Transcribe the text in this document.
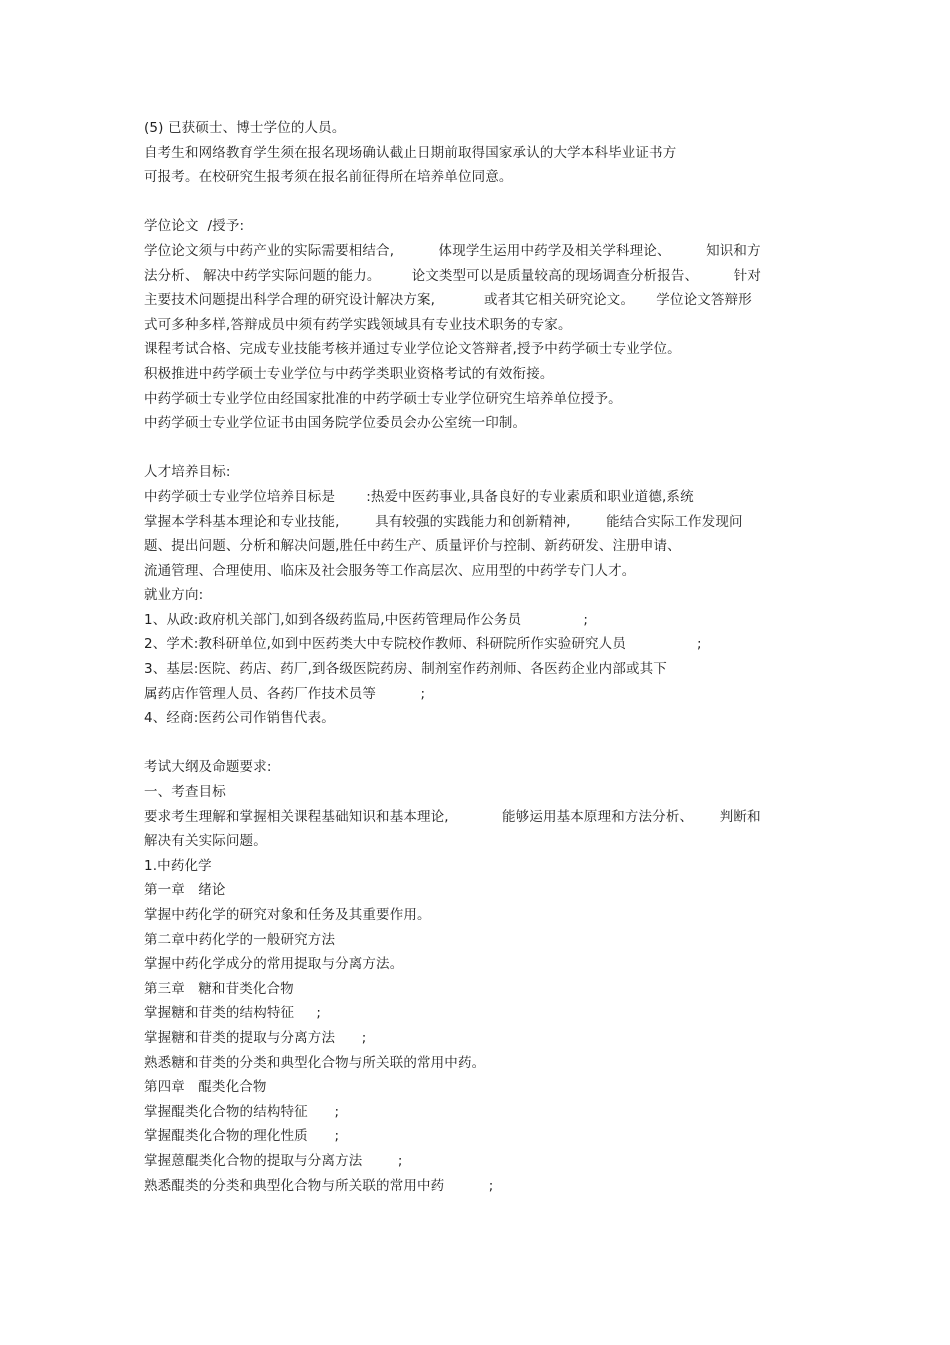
(5) 已获硕士、博士学位的人员。
自考生和网络教育学生须在报名现场确认截止日期前取得国家承认的大学本科毕业证书方
可报考。在校研究生报考须在报名前征得所在培养单位同意。
学位论文  /授予:
学位论文须与中药产业的实际需要相结合,          体现学生运用中药学及相关学科理论、        知识和方
法分析、 解决中药学实际问题的能力。       论文类型可以是质量较高的现场调查分析报告、        针对
主要技术问题提出科学合理的研究设计解决方案,           或者其它相关研究论文。     学位论文答辩形
式可多种多样,答辩成员中须有药学实践领域具有专业技术职务的专家。
课程考试合格、完成专业技能考核并通过专业学位论文答辩者,授予中药学硕士专业学位。
积极推进中药学硕士专业学位与中药学类职业资格考试的有效衔接。
中药学硕士专业学位由经国家批准的中药学硕士专业学位研究生培养单位授予。
中药学硕士专业学位证书由国务院学位委员会办公室统一印制。
人才培养目标:
中药学硕士专业学位培养目标是       :热爱中医药事业,具备良好的专业素质和职业道德,系统
掌握本学科基本理论和专业技能,        具有较强的实践能力和创新精神,        能结合实际工作发现问
题、提出问题、分析和解决问题,胜任中药生产、质量评价与控制、新药研发、注册申请、
流通管理、合理使用、临床及社会服务等工作高层次、应用型的中药学专门人才。
就业方向:
1、从政:政府机关部门,如到各级药监局,中医药管理局作公务员              ;
2、学术:教科研单位,如到中医药类大中专院校作教师、科研院所作实验研究人员                ;
3、基层:医院、药店、药厂,到各级医院药房、制剂室作药剂师、各医药企业内部或其下
属药店作管理人员、各药厂作技术员等          ;
4、经商:医药公司作销售代表。
考试大纲及命题要求:
一、考查目标
要求考生理解和掌握相关课程基础知识和基本理论,            能够运用基本原理和方法分析、      判断和
解决有关实际问题。
1.中药化学
第一章   绪论
掌握中药化学的研究对象和任务及其重要作用。
第二章中药化学的一般研究方法
掌握中药化学成分的常用提取与分离方法。
第三章   糖和苷类化合物
掌握糖和苷类的结构特征     ;
掌握糖和苷类的提取与分离方法      ;
熟悉糖和苷类的分类和典型化合物与所关联的常用中药。
第四章   醌类化合物
掌握醌类化合物的结构特征      ;
掌握醌类化合物的理化性质      ;
掌握蒽醌类化合物的提取与分离方法        ;
熟悉醌类的分类和典型化合物与所关联的常用中药          ;
